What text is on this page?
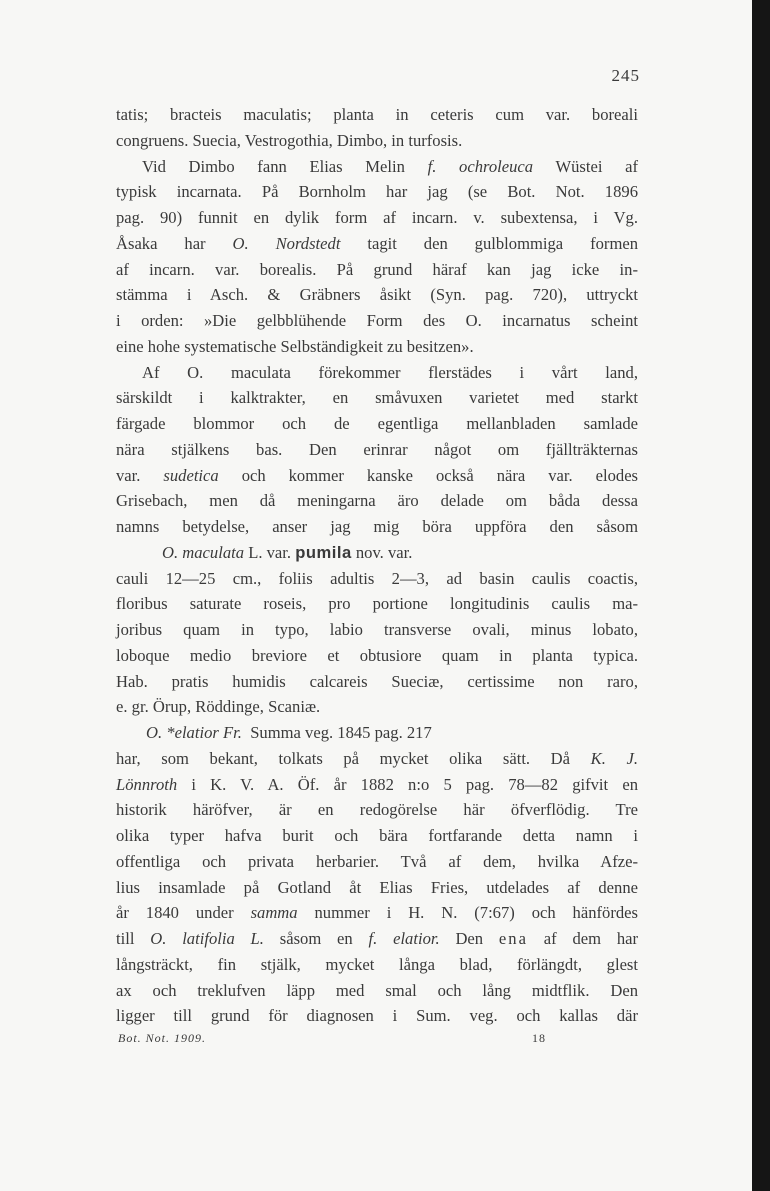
245
tatis; bracteis maculatis; planta in ceteris cum var. boreali
congruens. Suecia, Vestrogothia, Dimbo, in turfosis.
Vid Dimbo fann Elias Melin f. ochroleuca Wüstei af
typisk incarnata. På Bornholm har jag (se Bot. Not. 1896
pag. 90) funnit en dylik form af incarn. v. subextensa, i Vg.
Åsaka har O. Nordstedt tagit den gulblommiga formen
af incarn. var. borealis. På grund häraf kan jag icke in-
stämma i Asch. & Gräbners åsikt (Syn. pag. 720), uttryckt
i orden: »Die gelbblühende Form des O. incarnatus scheint
eine hohe systematische Selbständigkeit zu besitzen».
Af O. maculata förekommer flerstädes i vårt land,
särskildt i kalktrakter, en småvuxen varietet med starkt
färgade blommor och de egentliga mellanbladen samlade
nära stjälkens bas. Den erinrar något om fjällträkternas
var. sudetica och kommer kanske också nära var. elodes
Grisebach, men då meningarna äro delade om båda dessa
namns betydelse, anser jag mig böra uppföra den såsom
O. maculata L. var. pumila nov. var.
cauli 12—25 cm., foliis adultis 2—3, ad basin caulis coactis,
floribus saturate roseis, pro portione longitudinis caulis ma-
joribus quam in typo, labio transverse ovali, minus lobato,
loboque medio breviore et obtusiore quam in planta typica.
Hab. pratis humidis calcareis Sueciæ, certissime non raro,
e. gr. Örup, Röddinge, Scaniæ.
O. *elatior Fr. Summa veg. 1845 pag. 217
har, som bekant, tolkats på mycket olika sätt. Då K. J.
Lönnroth i K. V. A. Öf. år 1882 n:o 5 pag. 78—82 gifvit en
historik häröfver, är en redogörelse här öfverflödig. Tre
olika typer hafva burit och bära fortfarande detta namn i
offentliga och privata herbarier. Två af dem, hvilka Afze-
lius insamlade på Gotland åt Elias Fries, utdelades af denne
år 1840 under samma nummer i H. N. (7:67) och hänfördes
till O. latifolia L. såsom en f. elatior. Den ena af dem har
långsträckt, fin stjälk, mycket långa blad, förlängdt, glest
ax och treklufven läpp med smal och lång midtflik. Den
ligger till grund för diagnosen i Sum. veg. och kallas där
Bot. Not. 1909.	18
